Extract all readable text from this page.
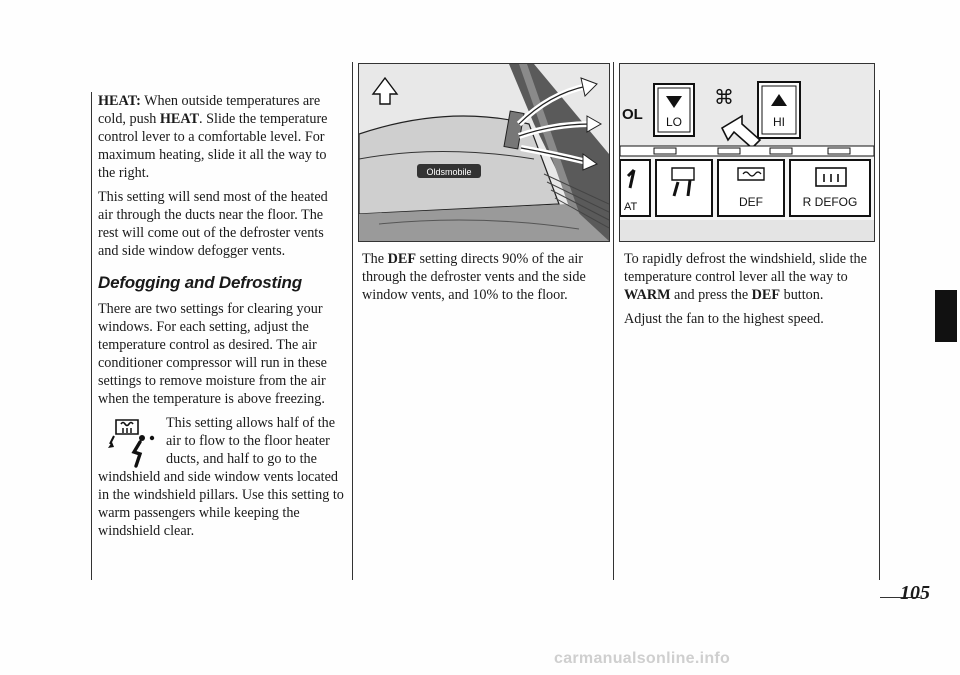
HEAT: When outside temperatures are cold, push HEAT. Slide the temperature control lever to a comfortable level. For maximum heating, slide it all the way to the right.

This setting will send most of the heated air through the ducts near the floor. The rest will come out of the defroster vents and side window defogger vents.

Defogging and Defrosting

There are two settings for clearing your windows. For each setting, adjust the temperature control as desired. The air conditioner compressor will run in these settings to remove moisture from the air when the temperature is above freezing.

This setting allows half of the air to flow to the floor heater ducts, and half to go to the windshield and side window vents located in the windshield pillars. Use this setting to warm passengers while keeping the windshield clear.
Oldsmobile
OL LO
⌘
HI
AT	DEF	R DEFOG

The DEF setting directs 90% of the air through the defroster vents and the side window vents, and 10% to the floor.

To rapidly defrost the windshield, slide the temperature control lever all the way to WARM and press the DEF button.

Adjust the fan to the highest speed.

105
carmanualsonline.info
